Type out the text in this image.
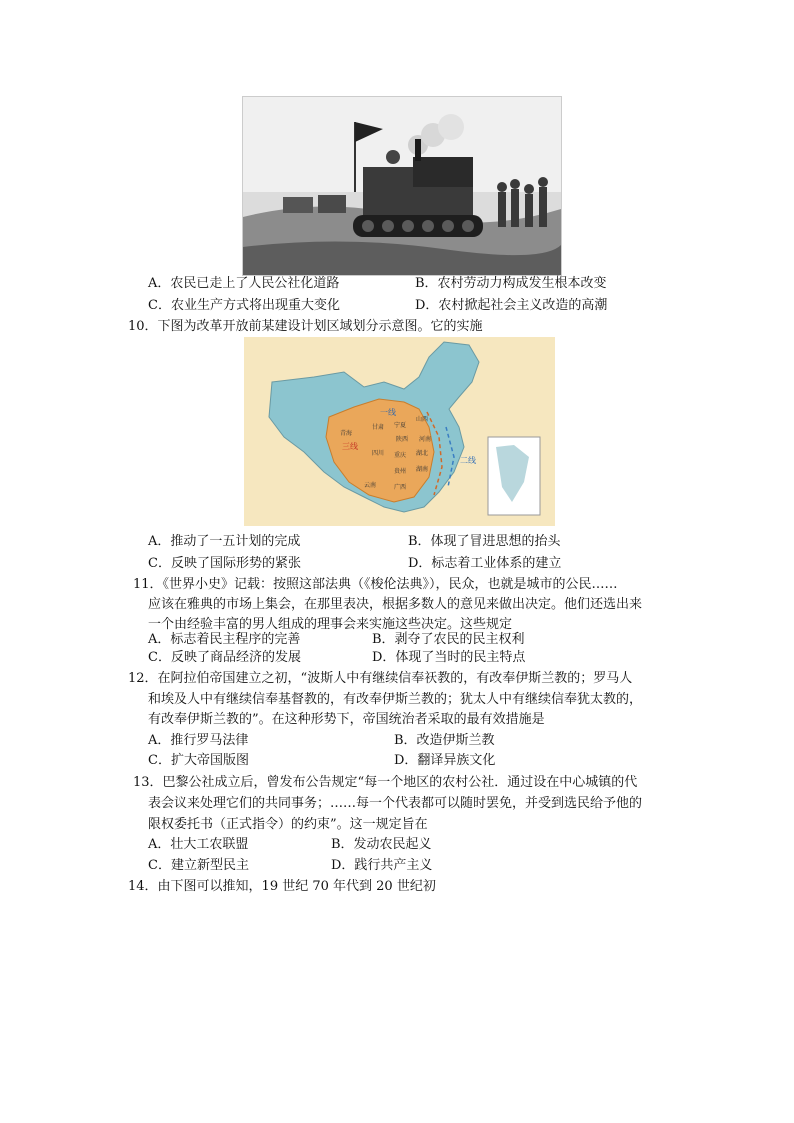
A．农民已走上了人民公社化道路	B．农村劳动力构成发生根本改变
C．农业生产方式将出现重大变化	D．农村掀起社会主义改造的高潮
10．下图为改革开放前某建设计划区域划分示意图。它的实施
一线
二线
三线
甘肃 宁夏
山西
青海
陕西 河南
四川 重庆 湖北
湖南
贵州
云南	广西
A．推动了一五计划的完成	B．体现了冒进思想的抬头
C．反映了国际形势的紧张	D．标志着工业体系的建立
11．《世界小史》记载：按照这部法典（《梭伦法典》），民众，也就是城市的公民……
应该在雅典的市场上集会，在那里表决，根据多数人的意见来做出决定。他们还选出来
一个由经验丰富的男人组成的理事会来实施这些决定。这些规定
A．标志着民主程序的完善	B．剥夺了农民的民主权利
C．反映了商品经济的发展	D．体现了当时的民主特点
12．在阿拉伯帝国建立之初，“波斯人中有继续信奉祆教的，有改奉伊斯兰教的；罗马人
和埃及人中有继续信奉基督教的，有改奉伊斯兰教的；犹太人中有继续信奉犹太教的，
有改奉伊斯兰教的”。在这种形势下，帝国统治者采取的最有效措施是
A．推行罗马法律	B．改造伊斯兰教
C．扩大帝国版图	D．翻译异族文化
13．巴黎公社成立后，曾发布公告规定“每一个地区的农村公社．通过设在中心城镇的代
表会议来处理它们的共同事务；……每一个代表都可以随时罢免，并受到选民给予他的
限权委托书（正式指令）的约束”。这一规定旨在
A．壮大工农联盟	B．发动农民起义
C．建立新型民主	D．践行共产主义
14．由下图可以推知，19 世纪 70 年代到 20 世纪初
